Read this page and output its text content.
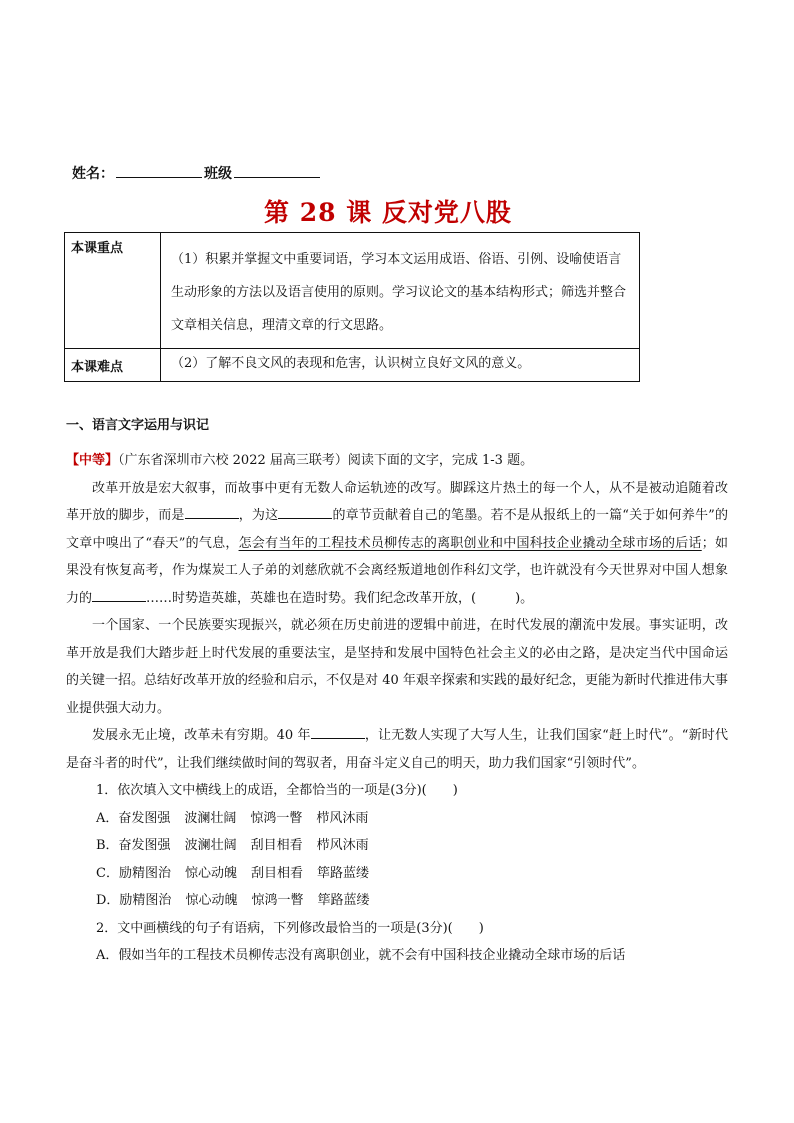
姓名：	班级
第 28 课 反对党八股
本课重点	（1）积累并掌握文中重要词语，学习本文运用成语、俗语、引例、设喻使语言生动形象的方法以及语言使用的原则。学习议论文的基本结构形式；筛选并整合文章相关信息，理清文章的行文思路。
本课难点	（2）了解不良文风的表现和危害，认识树立良好文风的意义。
一、语言文字运用与识记

【中等】（广东省深圳市六校 2022 届高三联考）阅读下面的文字，完成 1-3 题。

改革开放是宏大叙事，而故事中更有无数人命运轨迹的改写。脚踩这片热土的每一个人，从不是被动追随着改革开放的脚步，而是	，为这	的章节贡献着自己的笔墨。若不是从报纸上的一篇“关于如何养牛”的文章中嗅出了“春天”的气息，怎会有当年的工程技术员柳传志的离职创业和中国科技企业撬动全球市场的后话；如果没有恢复高考，作为煤炭工人子弟的刘慈欣就不会离经叛道地创作科幻文学，也许就没有今天世界对中国人想象力的	……时势造英雄，英雄也在造时势。我们纪念改革开放，(　　　)。

一个国家、一个民族要实现振兴，就必须在历史前进的逻辑中前进，在时代发展的潮流中发展。事实证明，改革开放是我们大踏步赶上时代发展的重要法宝，是坚持和发展中国特色社会主义的必由之路，是决定当代中国命运的关键一招。总结好改革开放的经验和启示，不仅是对 40 年艰辛探索和实践的最好纪念，更能为新时代推进伟大事业提供强大动力。

发展永无止境，改革未有穷期。40 年	，让无数人实现了大写人生，让我们国家“赶上时代”。“新时代是奋斗者的时代”，让我们继续做时间的驾驭者，用奋斗定义自己的明天，助力我们国家“引领时代”。

1．依次填入文中横线上的成语，全都恰当的一项是(3分)(　　)

A．奋发图强 波澜壮阔 惊鸿一瞥 栉风沐雨

B．奋发图强 波澜壮阔 刮目相看 栉风沐雨

C．励精图治 惊心动魄 刮目相看 筚路蓝缕

D．励精图治 惊心动魄 惊鸿一瞥 筚路蓝缕

2．文中画横线的句子有语病，下列修改最恰当的一项是(3分)(　　)

A．假如当年的工程技术员柳传志没有离职创业，就不会有中国科技企业撬动全球市场的后话
